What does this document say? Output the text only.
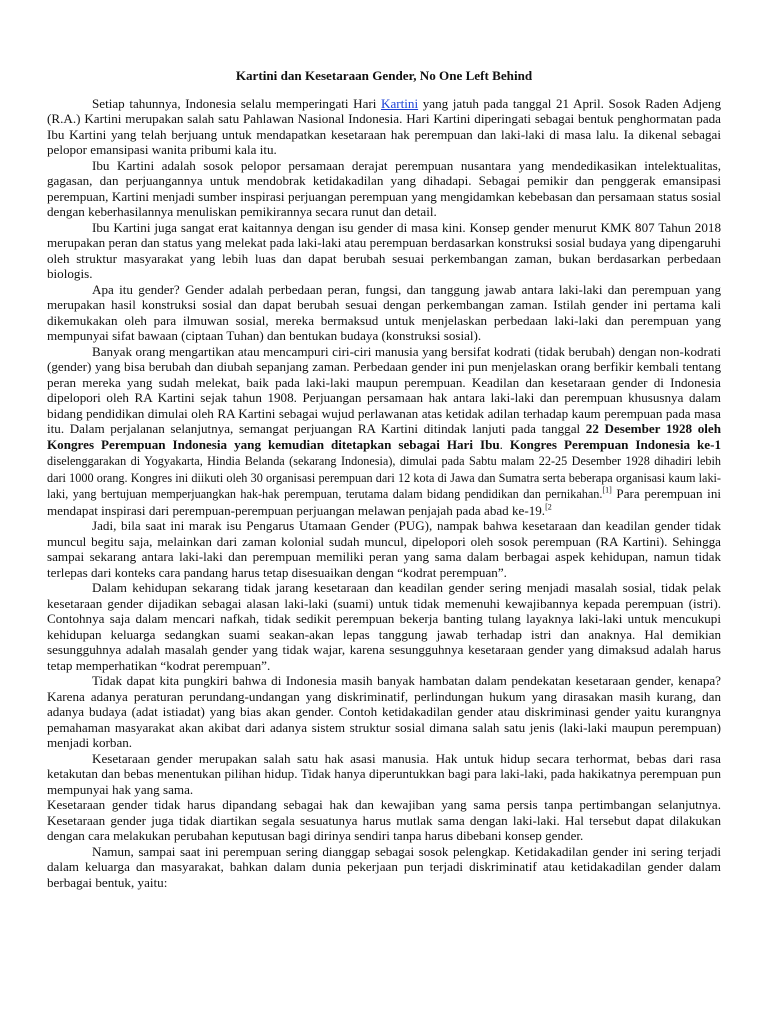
Kartini dan Kesetaraan Gender, No One Left Behind

Setiap tahunnya, Indonesia selalu memperingati Hari Kartini yang jatuh pada tanggal 21 April. Sosok Raden Adjeng (R.A.) Kartini merupakan salah satu Pahlawan Nasional Indonesia. Hari Kartini diperingati sebagai bentuk penghormatan pada Ibu Kartini yang telah berjuang untuk mendapatkan kesetaraan hak perempuan dan laki-laki di masa lalu. Ia dikenal sebagai pelopor emansipasi wanita pribumi kala itu.

Ibu Kartini adalah sosok pelopor persamaan derajat perempuan nusantara yang mendedikasikan intelektualitas, gagasan, dan perjuangannya untuk mendobrak ketidakadilan yang dihadapi. Sebagai pemikir dan penggerak emansipasi perempuan, Kartini menjadi sumber inspirasi perjuangan perempuan yang mengidamkan kebebasan dan persamaan status sosial dengan keberhasilannya menuliskan pemikirannya secara runut dan detail.

Ibu Kartini juga sangat erat kaitannya dengan isu gender di masa kini. Konsep gender menurut KMK 807 Tahun 2018 merupakan peran dan status yang melekat pada laki-laki atau perempuan berdasarkan konstruksi sosial budaya yang dipengaruhi oleh struktur masyarakat yang lebih luas dan dapat berubah sesuai perkembangan zaman, bukan berdasarkan perbedaan biologis.

Apa itu gender? Gender adalah perbedaan peran, fungsi, dan tanggung jawab antara laki-laki dan perempuan yang merupakan hasil konstruksi sosial dan dapat berubah sesuai dengan perkembangan zaman. Istilah gender ini pertama kali dikemukakan oleh para ilmuwan sosial, mereka bermaksud untuk menjelaskan perbedaan laki-laki dan perempuan yang mempunyai sifat bawaan (ciptaan Tuhan) dan bentukan budaya (konstruksi sosial).

Banyak orang mengartikan atau mencampuri ciri-ciri manusia yang bersifat kodrati (tidak berubah) dengan non-kodrati (gender) yang bisa berubah dan diubah sepanjang zaman. Perbedaan gender ini pun menjelaskan orang berfikir kembali tentang peran mereka yang sudah melekat, baik pada laki-laki maupun perempuan. Keadilan dan kesetaraan gender di Indonesia dipelopori oleh RA Kartini sejak tahun 1908. Perjuangan persamaan hak antara laki-laki dan perempuan khususnya dalam bidang pendidikan dimulai oleh RA Kartini sebagai wujud perlawanan atas ketidak adilan terhadap kaum perempuan pada masa itu. Dalam perjalanan selanjutnya, semangat perjuangan RA Kartini ditindak lanjuti pada tanggal 22 Desember 1928 oleh Kongres Perempuan Indonesia yang kemudian ditetapkan sebagai Hari Ibu. Kongres Perempuan Indonesia ke-1 diselenggarakan di Yogyakarta, Hindia Belanda (sekarang Indonesia), dimulai pada Sabtu malam 22-25 Desember 1928 dihadiri lebih dari 1000 orang. Kongres ini diikuti oleh 30 organisasi perempuan dari 12 kota di Jawa dan Sumatra serta beberapa organisasi kaum laki-laki, yang bertujuan memperjuangkan hak-hak perempuan, terutama dalam bidang pendidikan dan pernikahan.[1] Para perempuan ini mendapat inspirasi dari perempuan-perempuan perjuangan melawan penjajah pada abad ke-19.$^{[2}$

Jadi, bila saat ini marak isu Pengarus Utamaan Gender (PUG), nampak bahwa kesetaraan dan keadilan gender tidak muncul begitu saja, melainkan dari zaman kolonial sudah muncul, dipelopori oleh sosok perempuan (RA Kartini). Sehingga sampai sekarang antara laki-laki dan perempuan memiliki peran yang sama dalam berbagai aspek kehidupan, namun tidak terlepas dari konteks cara pandang harus tetap disesuaikan dengan “kodrat perempuan”.

Dalam kehidupan sekarang tidak jarang kesetaraan dan keadilan gender sering menjadi masalah sosial, tidak pelak kesetaraan gender dijadikan sebagai alasan laki-laki (suami) untuk tidak memenuhi kewajibannya kepada perempuan (istri). Contohnya saja dalam mencari nafkah, tidak sedikit perempuan bekerja banting tulang layaknya laki-laki untuk mencukupi kehidupan keluarga sedangkan suami seakan-akan lepas tanggung jawab terhadap istri dan anaknya. Hal demikian sesungguhnya adalah masalah gender yang tidak wajar, karena sesungguhnya kesetaraan gender yang dimaksud adalah harus tetap memperhatikan “kodrat perempuan”.

Tidak dapat kita pungkiri bahwa di Indonesia masih banyak hambatan dalam pendekatan kesetaraan gender, kenapa? Karena adanya peraturan perundang-undangan yang diskriminatif, perlindungan hukum yang dirasakan masih kurang, dan adanya budaya (adat istiadat) yang bias akan gender. Contoh ketidakadilan gender atau diskriminasi gender yaitu kurangnya pemahaman masyarakat akan akibat dari adanya sistem struktur sosial dimana salah satu jenis (laki-laki maupun perempuan) menjadi korban.

Kesetaraan gender merupakan salah satu hak asasi manusia. Hak untuk hidup secara terhormat, bebas dari rasa ketakutan dan bebas menentukan pilihan hidup. Tidak hanya diperuntukkan bagi para laki-laki, pada hakikatnya perempuan pun mempunyai hak yang sama.

Kesetaraan gender tidak harus dipandang sebagai hak dan kewajiban yang sama persis tanpa pertimbangan selanjutnya. Kesetaraan gender juga tidak diartikan segala sesuatunya harus mutlak sama dengan laki-laki. Hal tersebut dapat dilakukan dengan cara melakukan perubahan keputusan bagi dirinya sendiri tanpa harus dibebani konsep gender.

Namun, sampai saat ini perempuan sering dianggap sebagai sosok pelengkap. Ketidakadilan gender ini sering terjadi dalam keluarga dan masyarakat, bahkan dalam dunia pekerjaan pun terjadi diskriminatif atau ketidakadilan gender dalam berbagai bentuk, yaitu:
